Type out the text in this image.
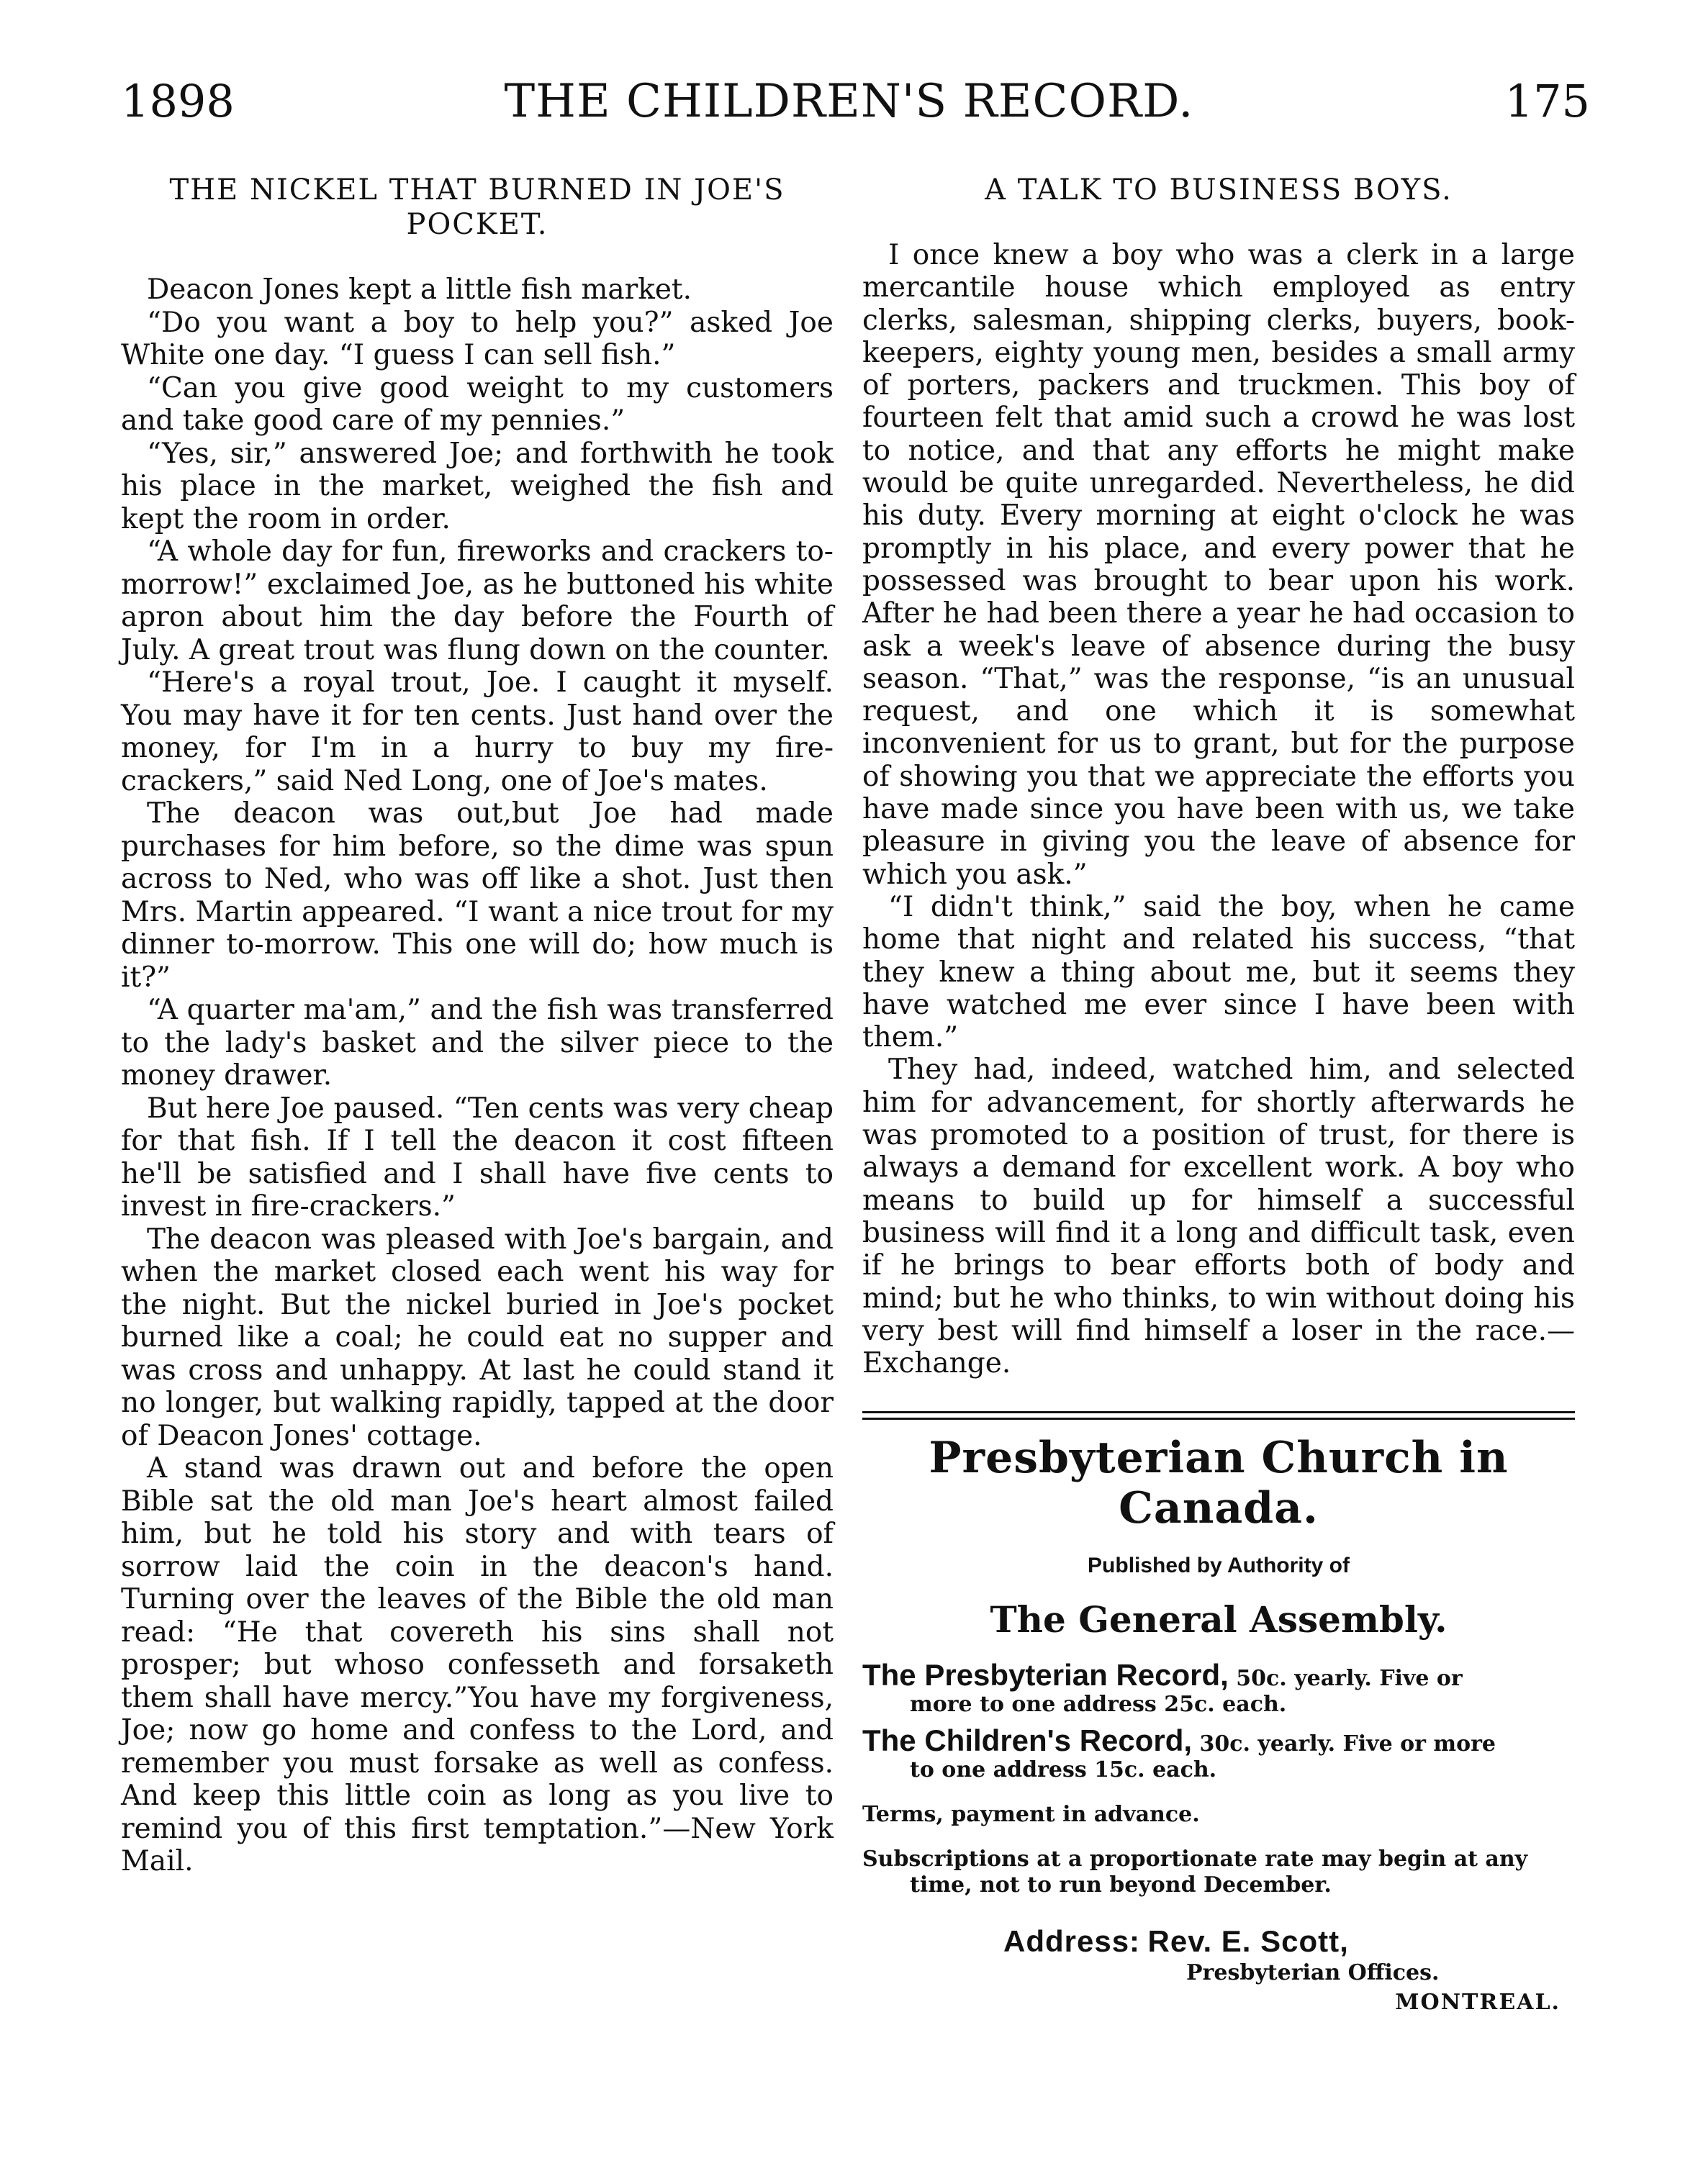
THE CHILDREN'S RECORD.
1898	175
THE NICKEL THAT BURNED IN JOE'S POCKET.

Deacon Jones kept a little fish market.

“Do you want a boy to help you?” asked Joe White one day. “I guess I can sell fish.”

“Can you give good weight to my customers and take good care of my pennies.”

“Yes, sir,” answered Joe; and forthwith he took his place in the market, weighed the fish and kept the room in order.

“A whole day for fun, fireworks and crackers to-morrow!” exclaimed Joe, as he buttoned his white apron about him the day before the Fourth of July. A great trout was flung down on the counter.

“Here's a royal trout, Joe. I caught it myself. You may have it for ten cents. Just hand over the money, for I'm in a hurry to buy my fire-crackers,” said Ned Long, one of Joe's mates.

The deacon was out,but Joe had made purchases for him before, so the dime was spun across to Ned, who was off like a shot. Just then Mrs. Martin appeared. “I want a nice trout for my dinner to-morrow. This one will do; how much is it?”

“A quarter ma'am,” and the fish was transferred to the lady's basket and the silver piece to the money drawer.

But here Joe paused. “Ten cents was very cheap for that fish. If I tell the deacon it cost fifteen he'll be satisfied and I shall have five cents to invest in fire-crackers.”

The deacon was pleased with Joe's bargain, and when the market closed each went his way for the night. But the nickel buried in Joe's pocket burned like a coal; he could eat no supper and was cross and unhappy. At last he could stand it no longer, but walking rapidly, tapped at the door of Deacon Jones' cottage.

A stand was drawn out and before the open Bible sat the old man Joe's heart almost failed him, but he told his story and with tears of sorrow laid the coin in the deacon's hand. Turning over the leaves of the Bible the old man read: “He that covereth his sins shall not prosper; but whoso confesseth and forsaketh them shall have mercy.”You have my forgiveness, Joe; now go home and confess to the Lord, and remember you must forsake as well as confess. And keep this little coin as long as you live to remind you of this first temptation.”—New York Mail.

A TALK TO BUSINESS BOYS.

I once knew a boy who was a clerk in a large mercantile house which employed as entry clerks, salesman, shipping clerks, buyers, book-keepers, eighty young men, besides a small army of porters, packers and truckmen. This boy of fourteen felt that amid such a crowd he was lost to notice, and that any efforts he might make would be quite unregarded. Nevertheless, he did his duty. Every morning at eight o'clock he was promptly in his place, and every power that he possessed was brought to bear upon his work. After he had been there a year he had occasion to ask a week's leave of absence during the busy season. “That,” was the response, “is an unusual request, and one which it is somewhat inconvenient for us to grant, but for the purpose of showing you that we appreciate the efforts you have made since you have been with us, we take pleasure in giving you the leave of absence for which you ask.”

“I didn't think,” said the boy, when he came home that night and related his success, “that they knew a thing about me, but it seems they have watched me ever since I have been with them.”

They had, indeed, watched him, and selected him for advancement, for shortly afterwards he was promoted to a position of trust, for there is always a demand for excellent work. A boy who means to build up for himself a successful business will find it a long and difficult task, even if he brings to bear efforts both of body and mind; but he who thinks, to win without doing his very best will find himself a loser in the race.—Exchange.

Presbyterian Church in Canada.
Published by Authority of
The General Assembly.
The Presbyterian Record, 50c. yearly. Five or
more to one address 25c. each.
The Children's Record, 30c. yearly. Five or more
to one address 15c. each.
Terms, payment in advance.
Subscriptions at a proportionate rate may begin at any
time, not to run beyond December.
Address: Rev. E. Scott,
Presbyterian Offices.
MONTREAL.
